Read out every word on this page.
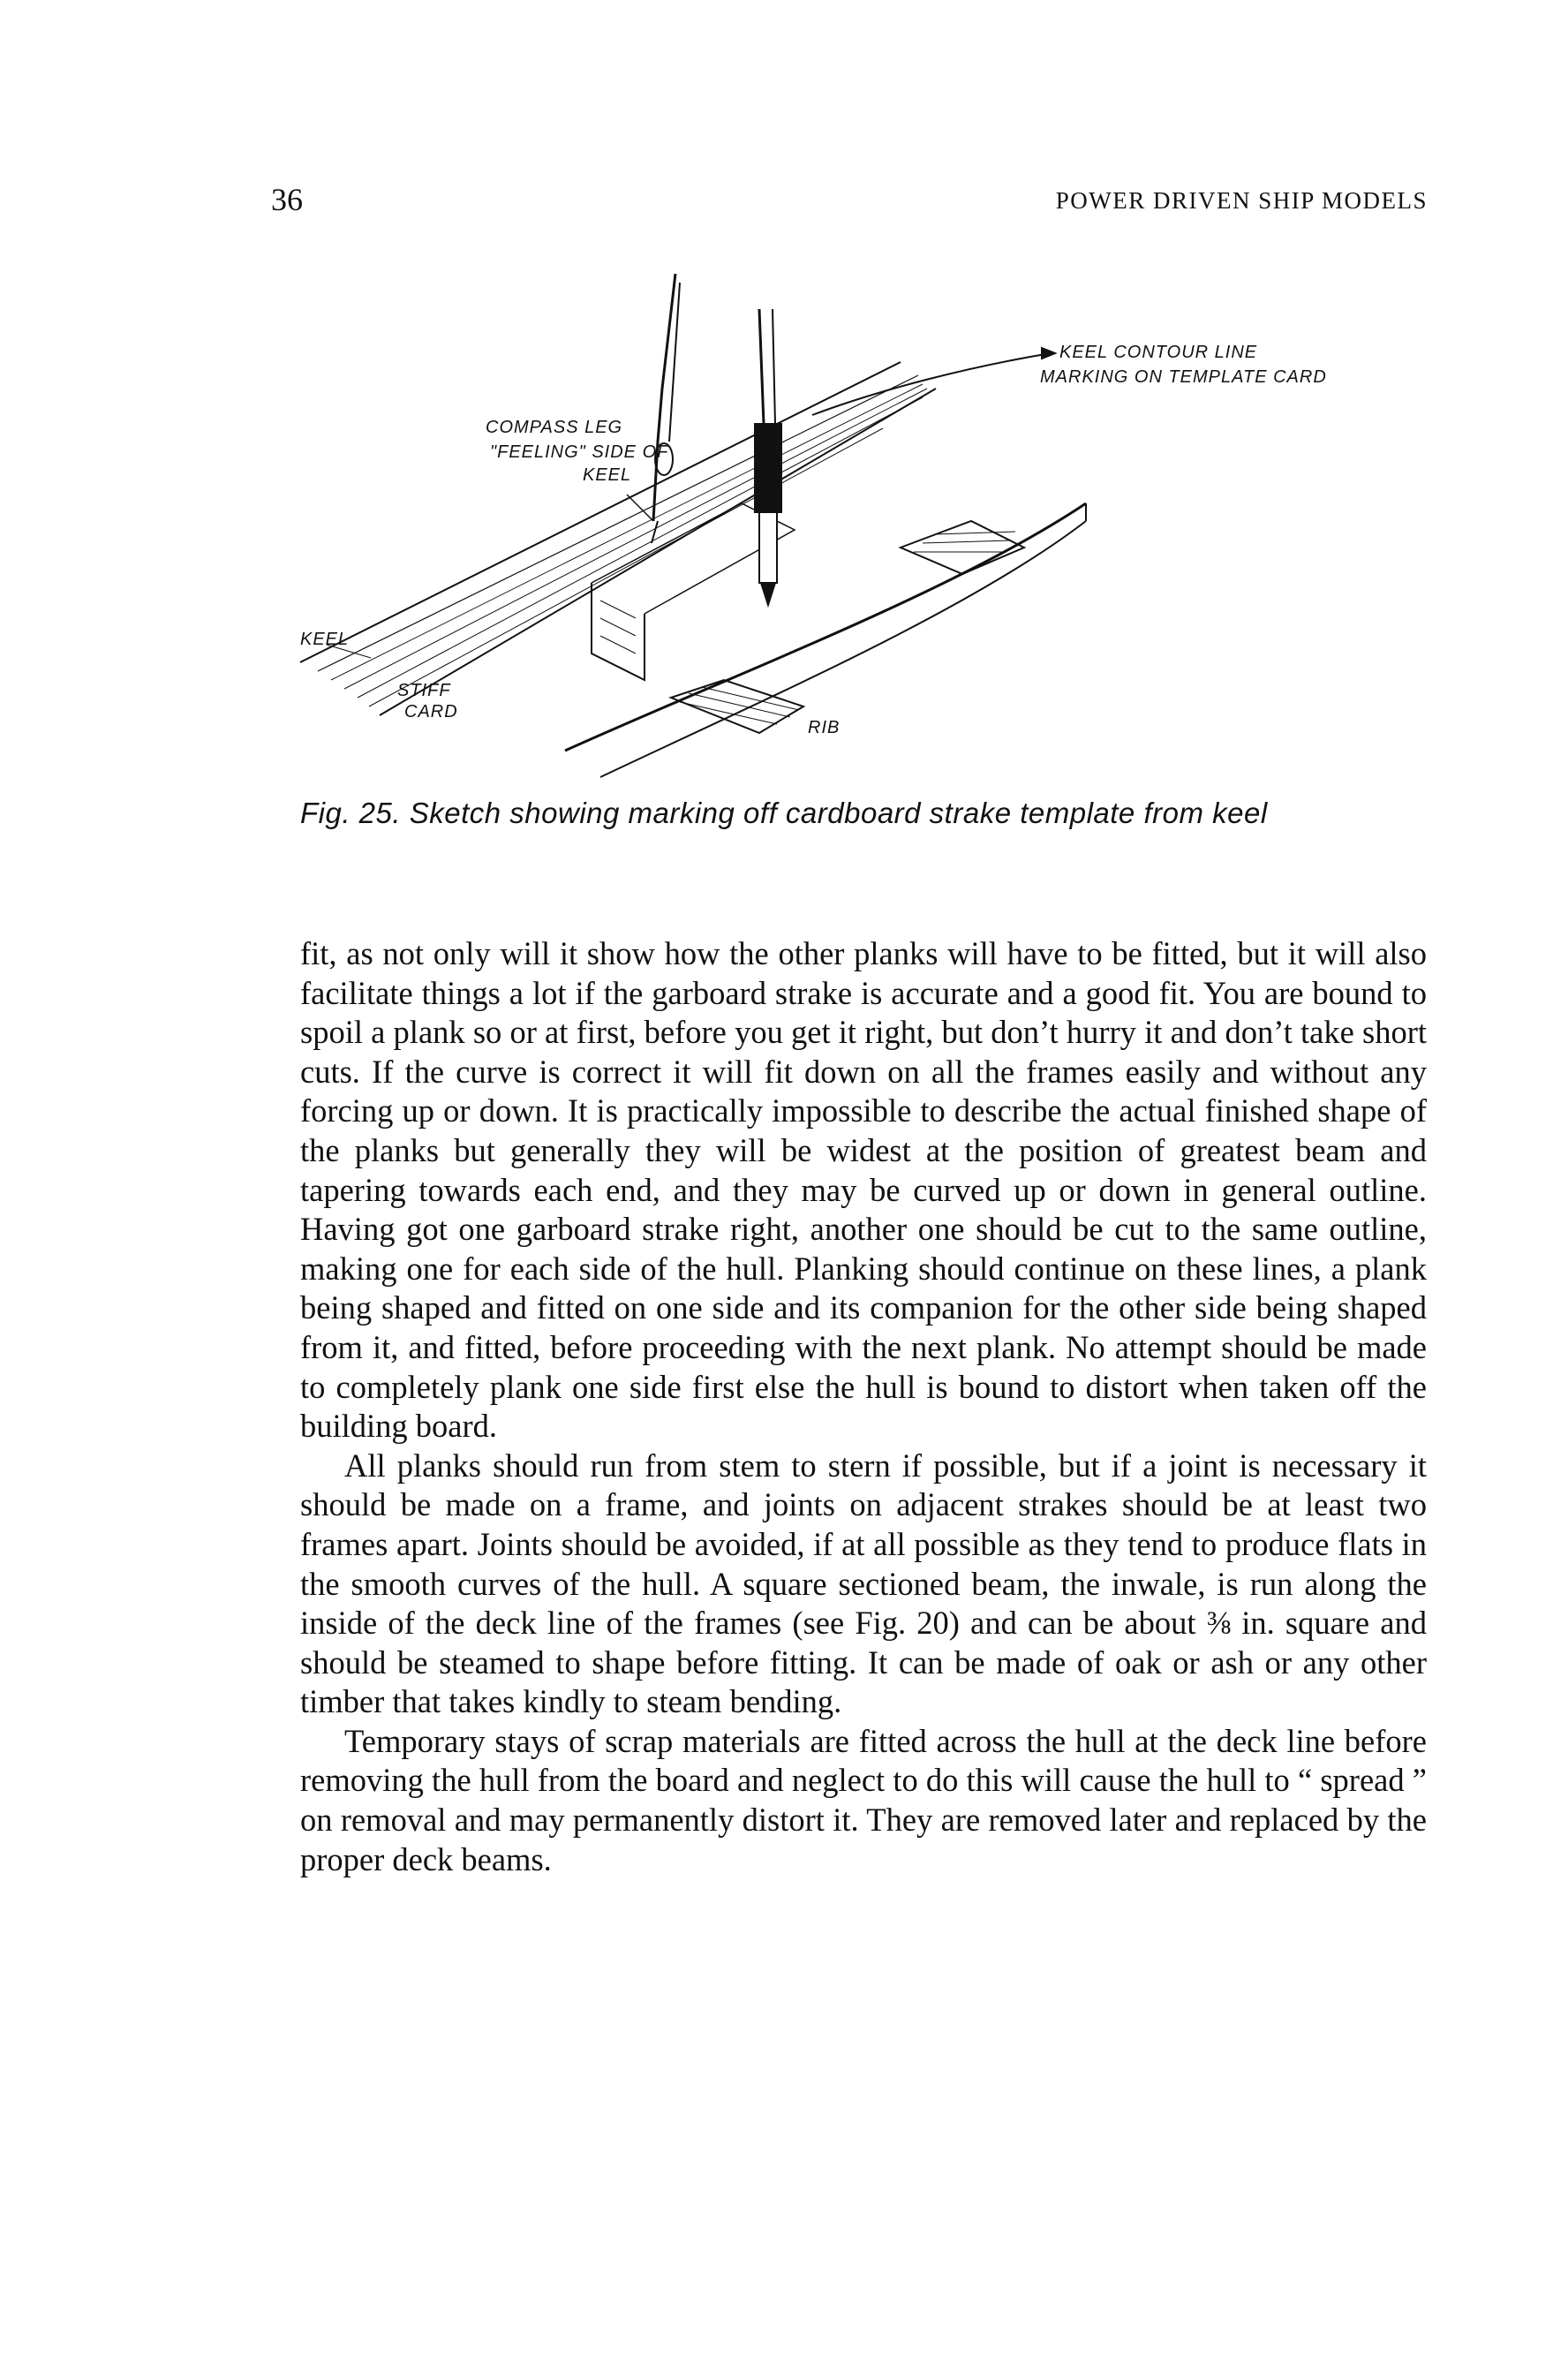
36	POWER DRIVEN SHIP MODELS
COMPASS LEG
"FEELING" SIDE OF
KEEL
KEEL CONTOUR LINE
MARKING ON TEMPLATE CARD
KEEL
STIFF
CARD
RIB
Fig. 25. Sketch showing marking off cardboard strake template from keel

fit, as not only will it show how the other planks will have to be fitted, but it will also facilitate things a lot if the garboard strake is accurate and a good fit. You are bound to spoil a plank so or at first, before you get it right, but don’t hurry it and don’t take short cuts. If the curve is correct it will fit down on all the frames easily and without any forcing up or down. It is practically impossible to describe the actual finished shape of the planks but generally they will be widest at the position of greatest beam and tapering towards each end, and they may be curved up or down in general outline. Having got one garboard strake right, another one should be cut to the same outline, making one for each side of the hull. Planking should continue on these lines, a plank being shaped and fitted on one side and its companion for the other side being shaped from it, and fitted, before proceeding with the next plank. No attempt should be made to completely plank one side first else the hull is bound to distort when taken off the building board.

All planks should run from stem to stern if possible, but if a joint is necessary it should be made on a frame, and joints on adjacent strakes should be at least two frames apart. Joints should be avoided, if at all possible as they tend to produce flats in the smooth curves of the hull. A square sectioned beam, the inwale, is run along the inside of the deck line of the frames (see Fig. 20) and can be about ⅜ in. square and should be steamed to shape before fitting. It can be made of oak or ash or any other timber that takes kindly to steam bending.

Temporary stays of scrap materials are fitted across the hull at the deck line before removing the hull from the board and neglect to do this will cause the hull to “ spread ” on removal and may permanently distort it. They are removed later and replaced by the proper deck beams.
